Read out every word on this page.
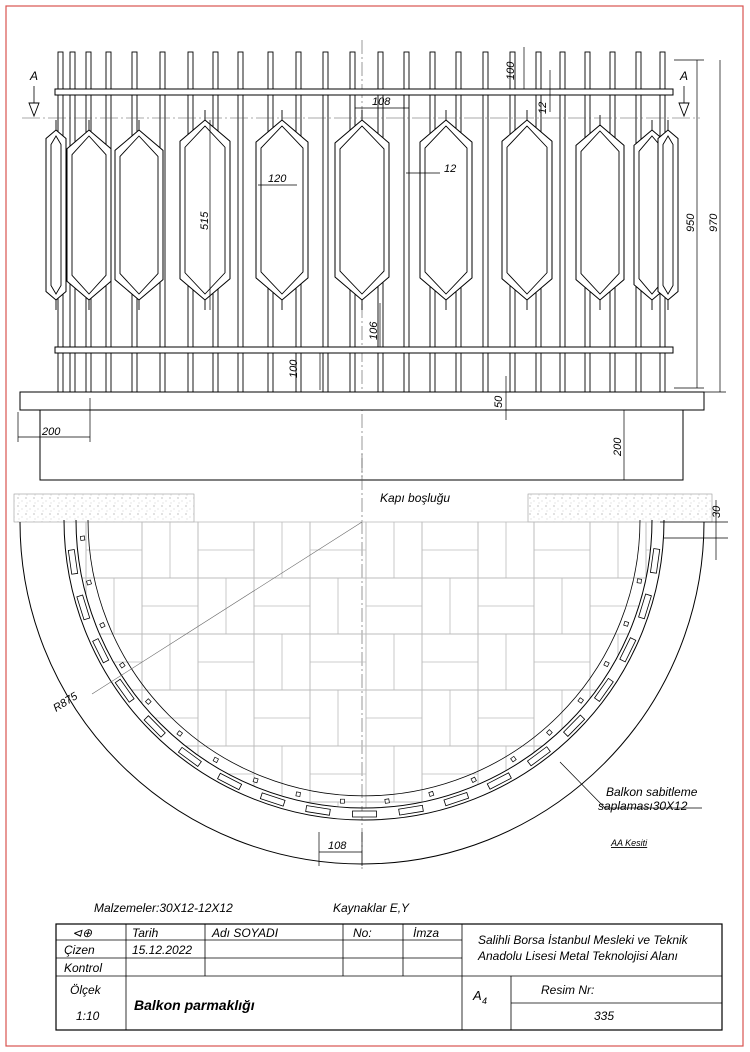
A	A
100
12
108
120
12
515
106
100
950 970
50
200
200
Kapı boşluğu
R875
30
Balkon sabitleme
saplaması30X12
108	AA Kesiti
Malzemeler:30X12-12X12	Kaynaklar E,Y
⊲⊕	Tarih	Adı SOYADI	No:	İmza
Çizen	15.12.2022
Kontrol
Salihli Borsa İstanbul Mesleki ve Teknik
Anadolu Lisesi Metal Teknolojisi Alanı
Ölçek
1:10
Balkon parmaklığı
A 4
Resim Nr:
335
